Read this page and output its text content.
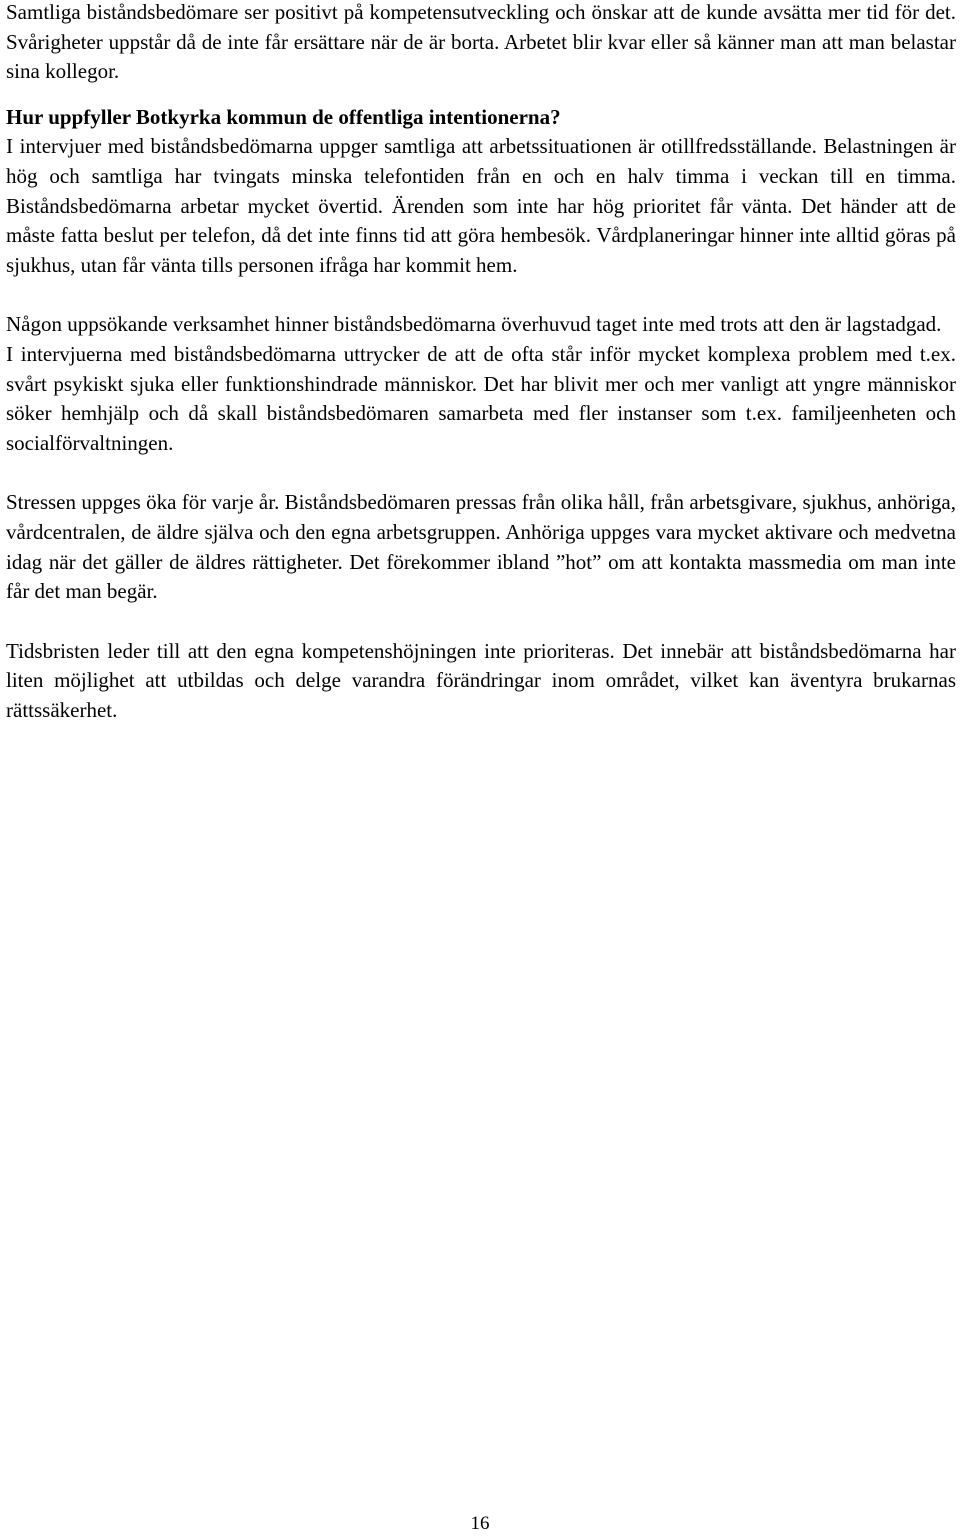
Samtliga biståndsbedömare ser positivt på kompetensutveckling och önskar att de kunde avsätta mer tid för det. Svårigheter uppstår då de inte får ersättare när de är borta. Arbetet blir kvar eller så känner man att man belastar sina kollegor.

Hur uppfyller Botkyrka kommun de offentliga intentionerna?

I intervjuer med biståndsbedömarna uppger samtliga att arbetssituationen är otillfredsställande. Belastningen är hög och samtliga har tvingats minska telefontiden från en och en halv timma i veckan till en timma. Biståndsbedömarna arbetar mycket övertid. Ärenden som inte har hög prioritet får vänta. Det händer att de måste fatta beslut per telefon, då det inte finns tid att göra hembesök. Vårdplaneringar hinner inte alltid göras på sjukhus, utan får vänta tills personen ifråga har kommit hem.

Någon uppsökande verksamhet hinner biståndsbedömarna överhuvud taget inte med trots att den är lagstadgad.

I intervjuerna med biståndsbedömarna uttrycker de att de ofta står inför mycket komplexa problem med t.ex. svårt psykiskt sjuka eller funktionshindrade människor. Det har blivit mer och mer vanligt att yngre människor söker hemhjälp och då skall biståndsbedömaren samarbeta med fler instanser som t.ex. familjeenheten och socialförvaltningen.

Stressen uppges öka för varje år. Biståndsbedömaren pressas från olika håll, från arbetsgivare, sjukhus, anhöriga, vårdcentralen, de äldre själva och den egna arbetsgruppen. Anhöriga uppges vara mycket aktivare och medvetna idag när det gäller de äldres rättigheter. Det förekommer ibland ”hot” om att kontakta massmedia om man inte får det man begär.

Tidsbristen leder till att den egna kompetenshöjningen inte prioriteras. Det innebär att biståndsbedömarna har liten möjlighet att utbildas och delge varandra förändringar inom området, vilket kan äventyra brukarnas rättssäkerhet.

16
